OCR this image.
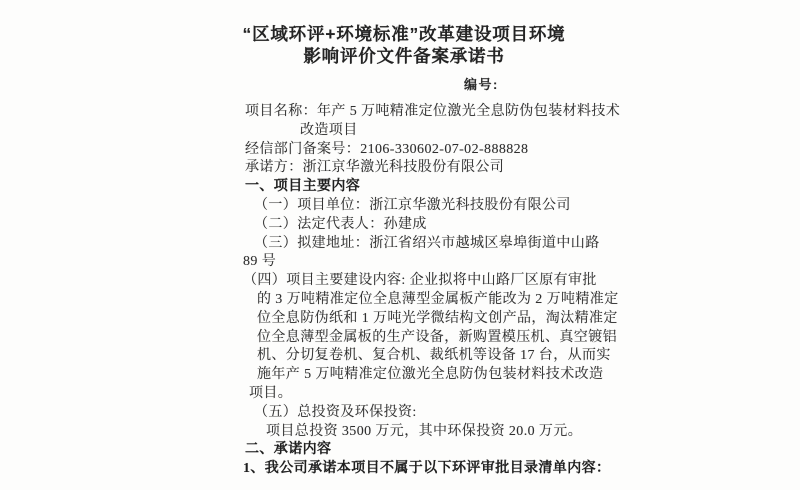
“区域环评+环境标准”改革建设项目环境
影响评价文件备案承诺书
编号:
项目名称：年产 5 万吨精准定位激光全息防伪包装材料技术
改造项目
经信部门备案号：2106-330602-07-02-888828
承诺方：浙江京华激光科技股份有限公司
一、项目主要内容
（一）项目单位：浙江京华激光科技股份有限公司
（二）法定代表人：孙建成
（三）拟建地址：浙江省绍兴市越城区皋埠街道中山路
89 号
（四）项目主要建设内容: 企业拟将中山路厂区原有审批
的 3 万吨精准定位全息薄型金属板产能改为 2 万吨精准定
位全息防伪纸和 1 万吨光学微结构文创产品，淘汰精准定
位全息薄型金属板的生产设备，新购置模压机、真空镀铝
机、分切复卷机、复合机、裁纸机等设备 17 台，从而实
施年产 5 万吨精准定位激光全息防伪包装材料技术改造
项目。
（五）总投资及环保投资:
项目总投资 3500 万元，其中环保投资 20.0 万元。
二、承诺内容
1、我公司承诺本项目不属于以下环评审批目录清单内容：
